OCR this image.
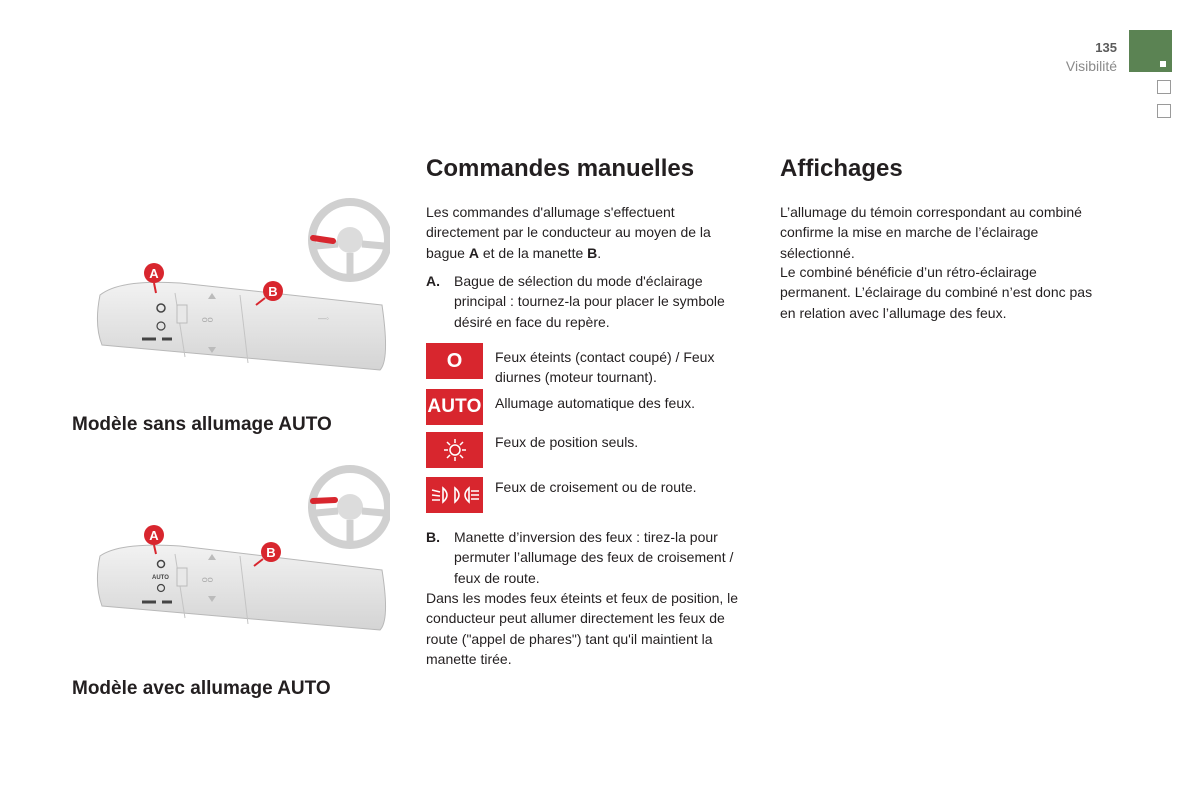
135
Visibilité
ᴑᴑ	—◦
A
B
Modèle sans allumage AUTO
AUTO	ᴑᴑ
A
B
Modèle avec allumage AUTO
Commandes manuelles
Les commandes d'allumage s'effectuent directement par le conducteur au moyen de la bague A et de la manette B.
A.	Bague de sélection du mode d'éclairage principal : tournez-la pour placer le symbole désiré en face du repère.
O Feux éteints (contact coupé) / Feux diurnes (moteur tournant).
AUTO Allumage automatique des feux.
Feux de position seuls.
Feux de croisement ou de route.
B.	Manette d’inversion des feux : tirez-la pour permuter l’allumage des feux de croisement / feux de route.
Dans les modes feux éteints et feux de position, le conducteur peut allumer directement les feux de route ("appel de phares") tant qu'il maintient la manette tirée.
Affichages
L’allumage du témoin correspondant au combiné confirme la mise en marche de l’éclairage sélectionné.
Le combiné bénéficie d’un rétro-éclairage permanent. L’éclairage du combiné n’est donc pas en relation avec l’allumage des feux.
